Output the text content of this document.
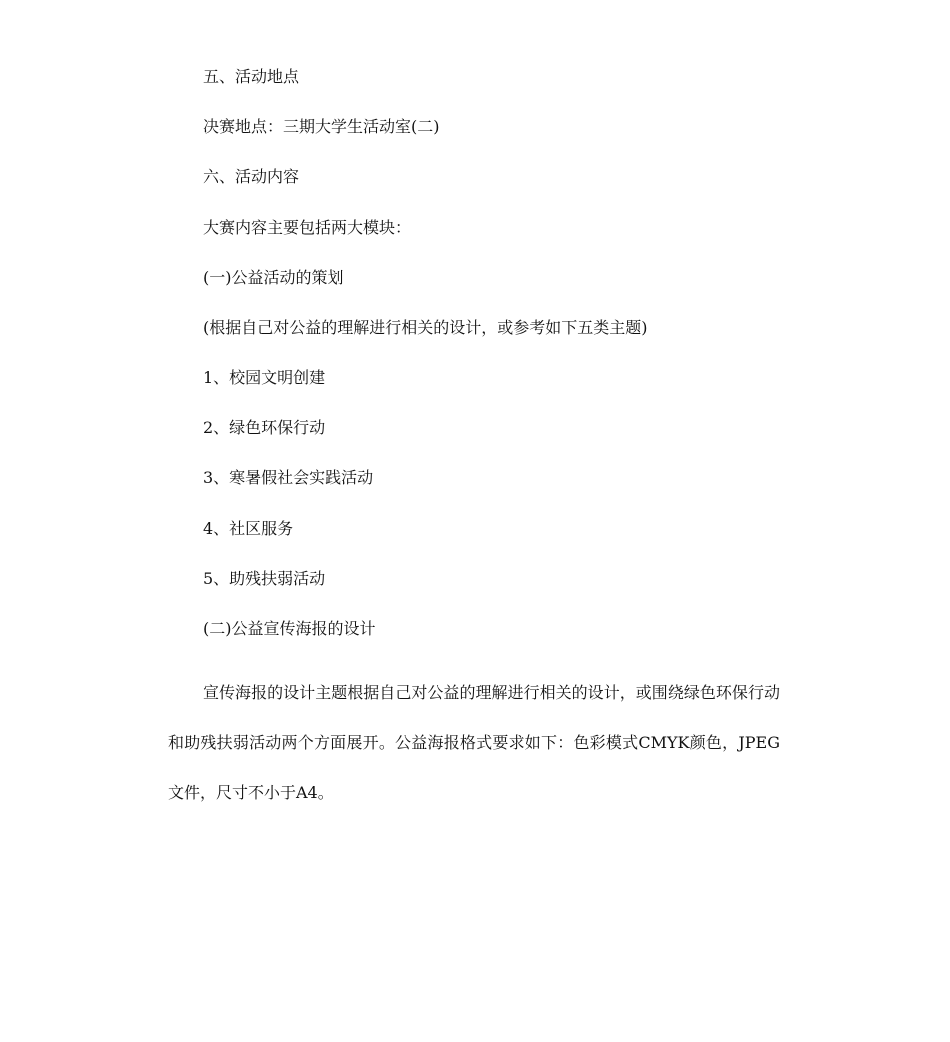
五、活动地点
决赛地点：三期大学生活动室(二)
六、活动内容
大赛内容主要包括两大模块：
(一)公益活动的策划
(根据自己对公益的理解进行相关的设计，或参考如下五类主题)
1、校园文明创建
2、绿色环保行动
3、寒暑假社会实践活动
4、社区服务
5、助残扶弱活动
(二)公益宣传海报的设计

宣传海报的设计主题根据自己对公益的理解进行相关的设计，或围绕绿色环保行动和助残扶弱活动两个方面展开。公益海报格式要求如下：色彩模式CMYK颜色，JPEG文件，尺寸不小于A4。
